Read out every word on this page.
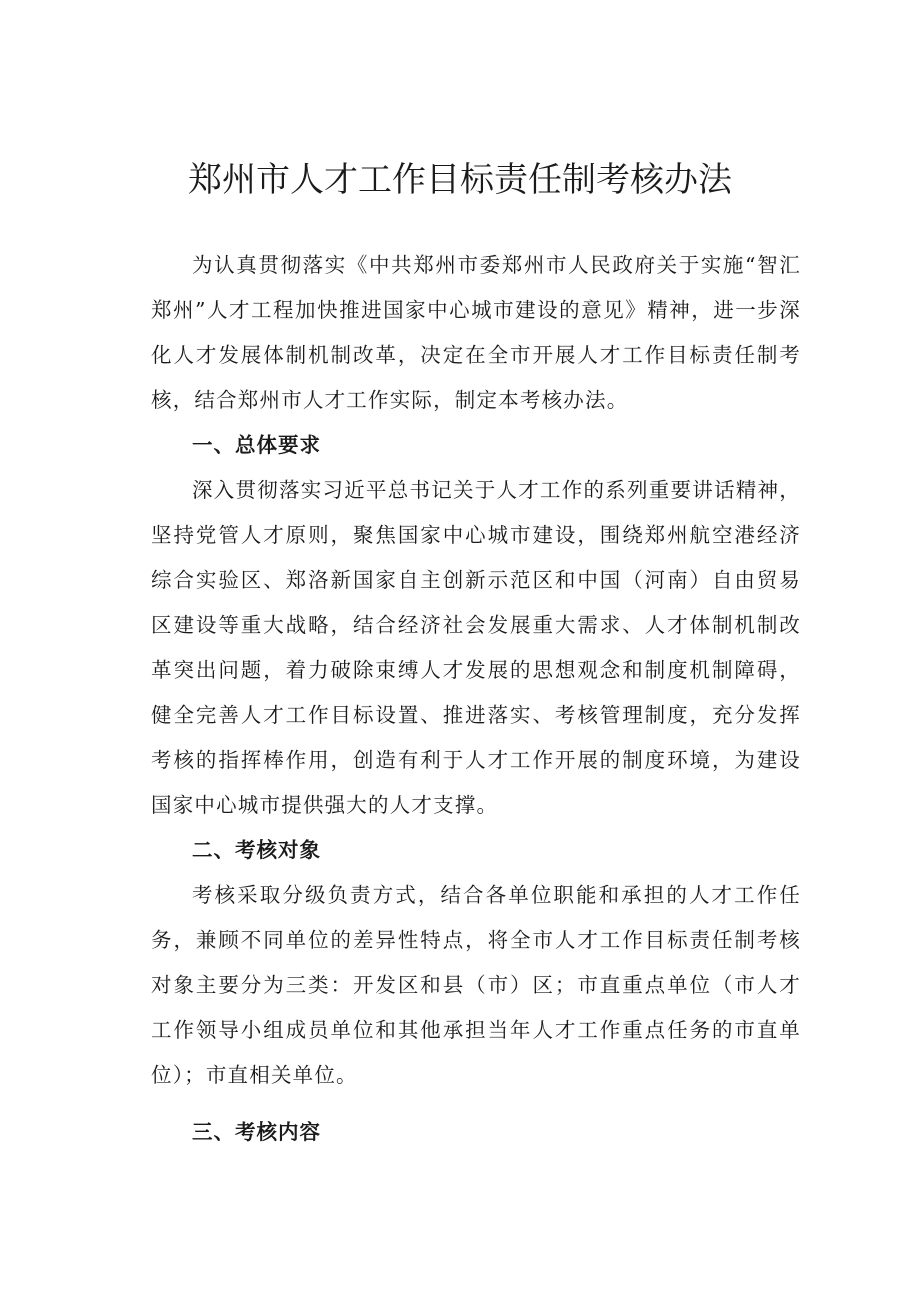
郑州市人才工作目标责任制考核办法

为认真贯彻落实《中共郑州市委郑州市人民政府关于实施“智汇郑州”人才工程加快推进国家中心城市建设的意见》精神，进一步深化人才发展体制机制改革，决定在全市开展人才工作目标责任制考核，结合郑州市人才工作实际，制定本考核办法。

一、总体要求

深入贯彻落实习近平总书记关于人才工作的系列重要讲话精神，坚持党管人才原则，聚焦国家中心城市建设，围绕郑州航空港经济综合实验区、郑洛新国家自主创新示范区和中国（河南）自由贸易区建设等重大战略，结合经济社会发展重大需求、人才体制机制改革突出问题，着力破除束缚人才发展的思想观念和制度机制障碍，健全完善人才工作目标设置、推进落实、考核管理制度，充分发挥考核的指挥棒作用，创造有利于人才工作开展的制度环境，为建设国家中心城市提供强大的人才支撑。

二、考核对象

考核采取分级负责方式，结合各单位职能和承担的人才工作任务，兼顾不同单位的差异性特点，将全市人才工作目标责任制考核对象主要分为三类：开发区和县（市）区；市直重点单位（市人才工作领导小组成员单位和其他承担当年人才工作重点任务的市直单位）；市直相关单位。

三、考核内容
